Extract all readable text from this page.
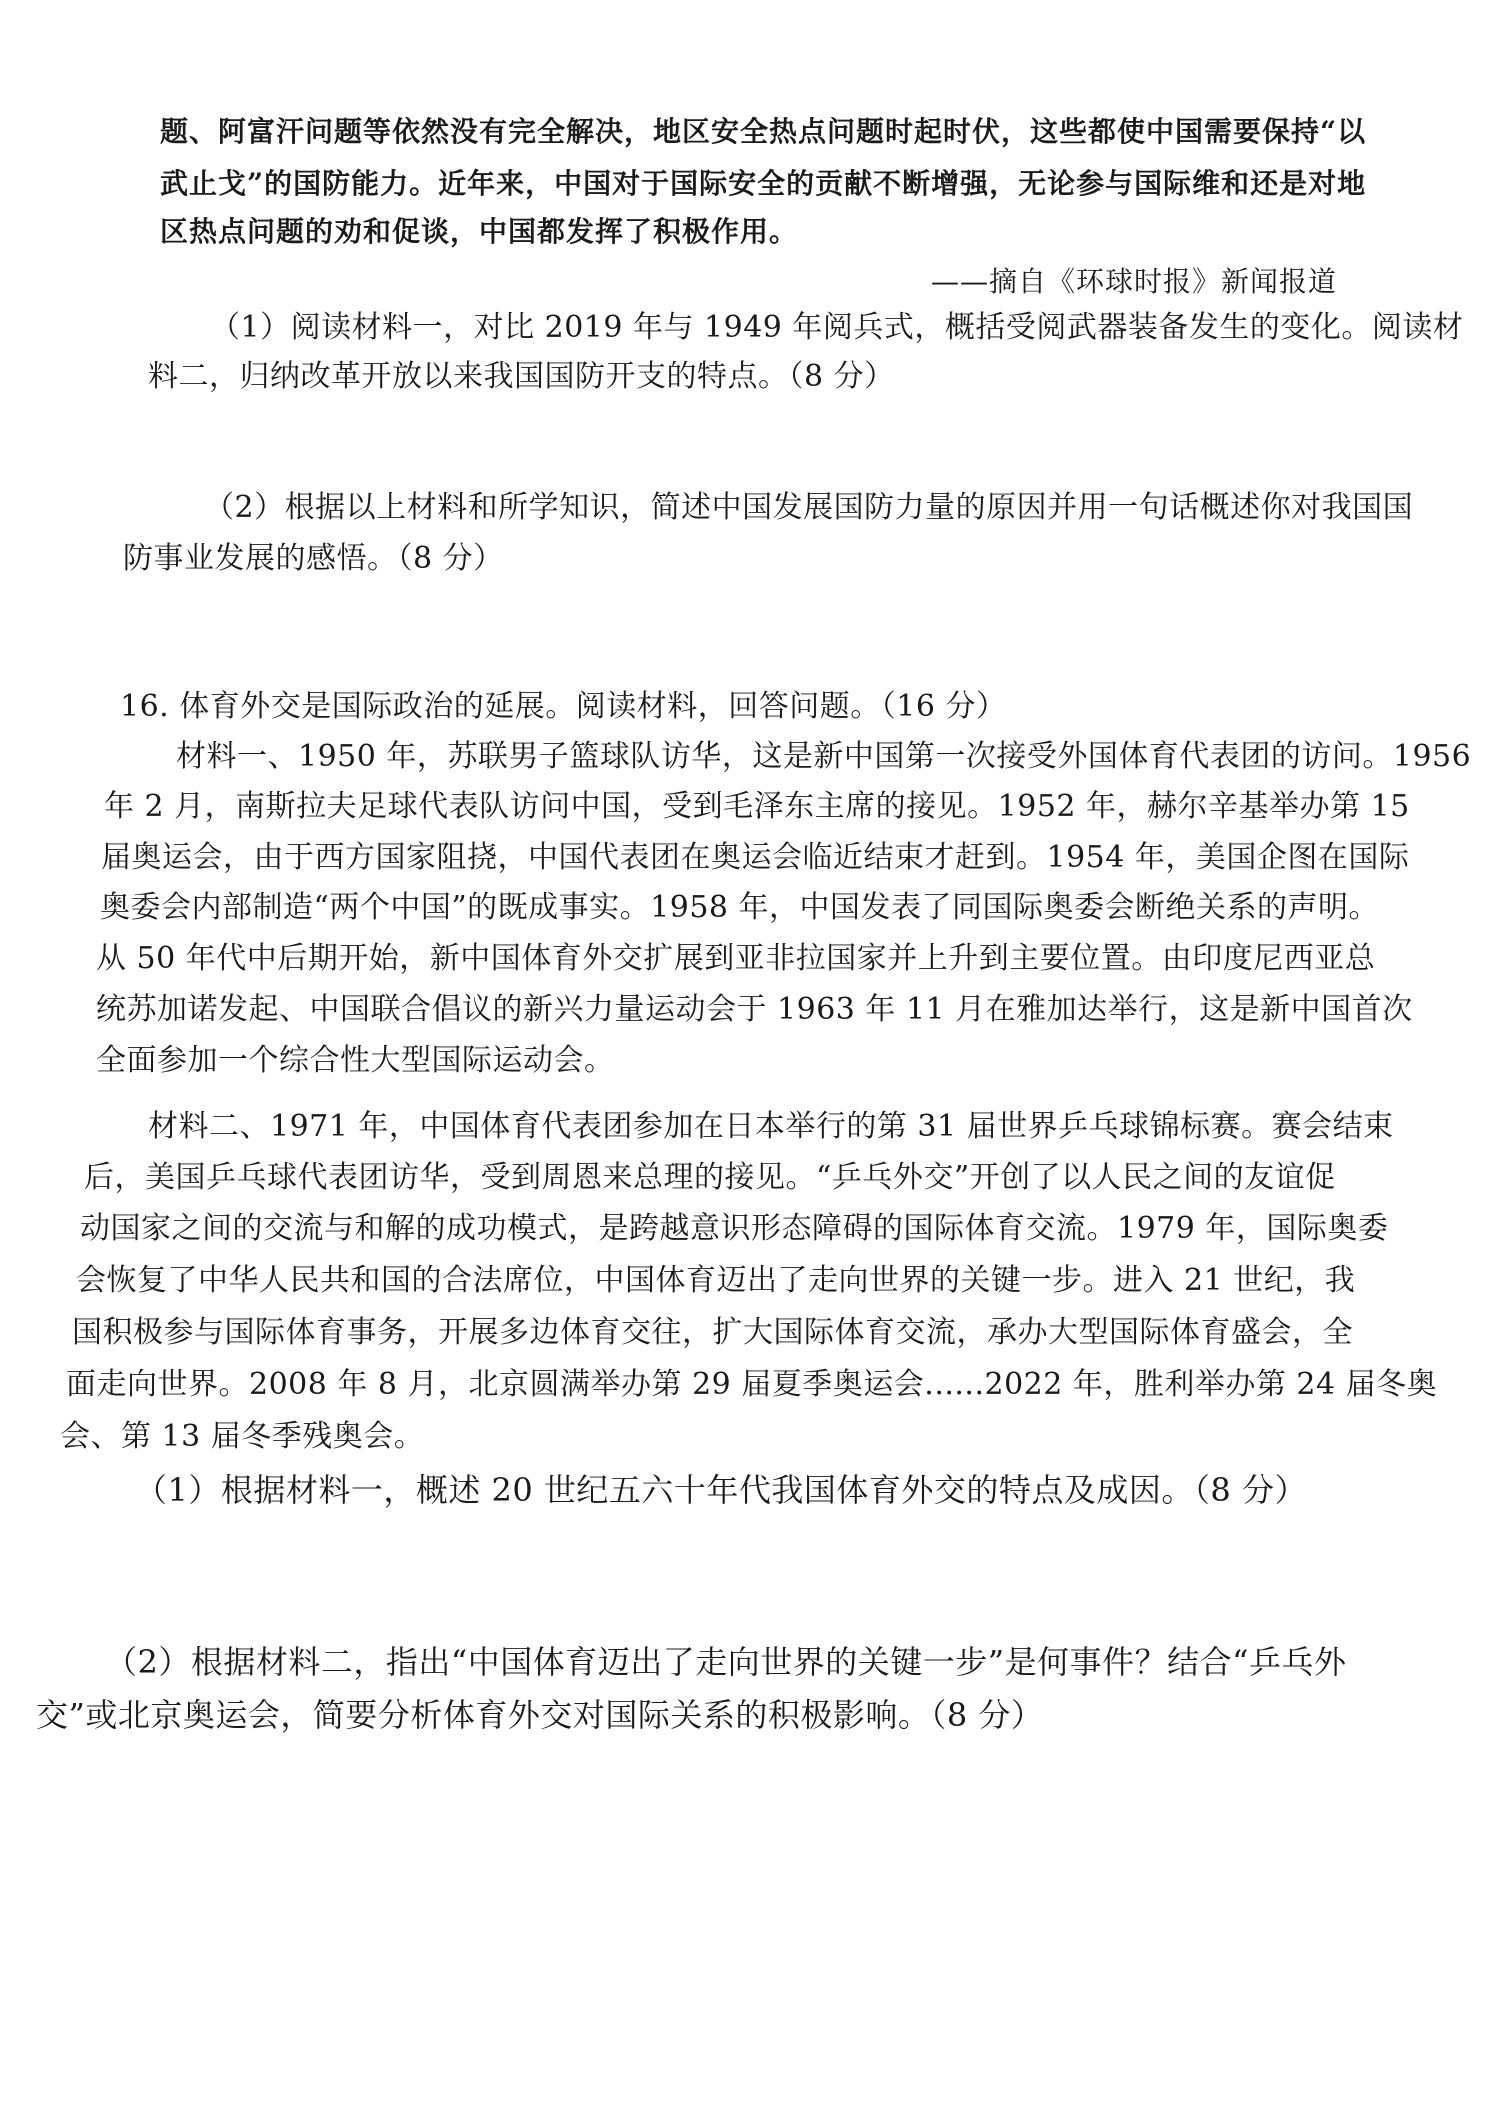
题、阿富汗问题等依然没有完全解决，地区安全热点问题时起时伏，这些都使中国需要保持“以
武止戈”的国防能力。近年来，中国对于国际安全的贡献不断增强，无论参与国际维和还是对地
区热点问题的劝和促谈，中国都发挥了积极作用。
——摘自《环球时报》新闻报道
（1）阅读材料一，对比 2019 年与 1949 年阅兵式，概括受阅武器装备发生的变化。阅读材
料二，归纳改革开放以来我国国防开支的特点。（8 分）
（2）根据以上材料和所学知识，简述中国发展国防力量的原因并用一句话概述你对我国国
防事业发展的感悟。（8 分）
16. 体育外交是国际政治的延展。阅读材料，回答问题。（16 分）
材料一、1950 年，苏联男子篮球队访华，这是新中国第一次接受外国体育代表团的访问。1956
年 2 月，南斯拉夫足球代表队访问中国，受到毛泽东主席的接见。1952 年，赫尔辛基举办第 15
届奥运会，由于西方国家阻挠，中国代表团在奥运会临近结束才赶到。1954 年，美国企图在国际
奥委会内部制造“两个中国”的既成事实。1958 年，中国发表了同国际奥委会断绝关系的声明。
从 50 年代中后期开始，新中国体育外交扩展到亚非拉国家并上升到主要位置。由印度尼西亚总
统苏加诺发起、中国联合倡议的新兴力量运动会于 1963 年 11 月在雅加达举行，这是新中国首次
全面参加一个综合性大型国际运动会。
材料二、1971 年，中国体育代表团参加在日本举行的第 31 届世界乒乓球锦标赛。赛会结束
后，美国乒乓球代表团访华，受到周恩来总理的接见。“乒乓外交”开创了以人民之间的友谊促
动国家之间的交流与和解的成功模式，是跨越意识形态障碍的国际体育交流。1979 年，国际奥委
会恢复了中华人民共和国的合法席位，中国体育迈出了走向世界的关键一步。进入 21 世纪，我
国积极参与国际体育事务，开展多边体育交往，扩大国际体育交流，承办大型国际体育盛会，全
面走向世界。2008 年 8 月，北京圆满举办第 29 届夏季奥运会......2022 年，胜利举办第 24 届冬奥
会、第 13 届冬季残奥会。
（1）根据材料一，概述 20 世纪五六十年代我国体育外交的特点及成因。（8 分）
（2）根据材料二，指出“中国体育迈出了走向世界的关键一步”是何事件？结合“乒乓外
交”或北京奥运会，简要分析体育外交对国际关系的积极影响。（8 分）
